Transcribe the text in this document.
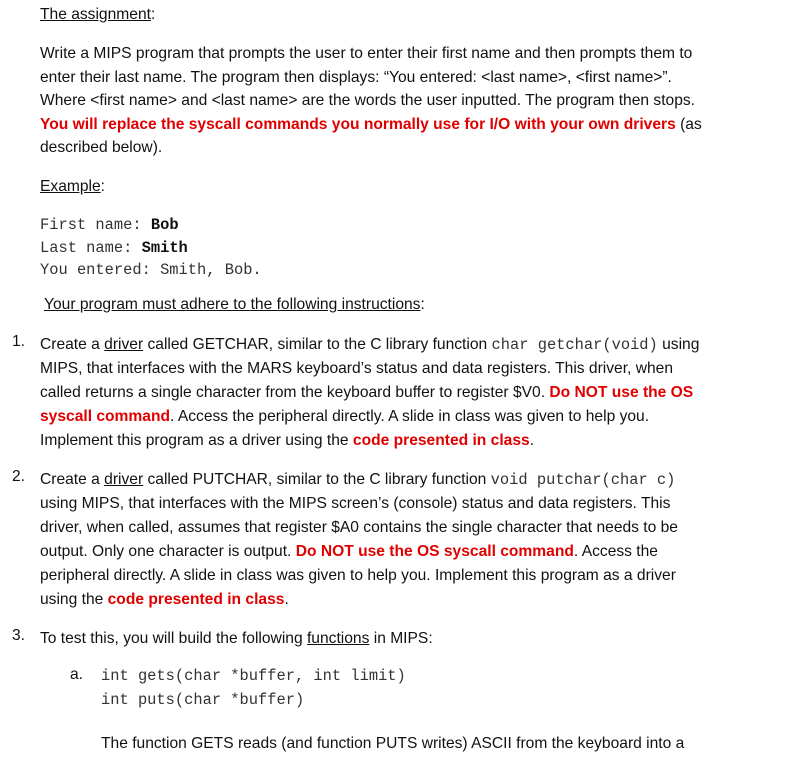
The assignment:
Write a MIPS program that prompts the user to enter their first name and then prompts them to
enter their last name. The program then displays: “You entered: <last name>, <first name>”.
Where <first name> and <last name> are the words the user inputted. The program then stops.
You will replace the syscall commands you normally use for I/O with your own drivers (as
described below).
Example:
First name: Bob
Last name: Smith
You entered: Smith, Bob.
Your program must adhere to the following instructions:
1. Create a driver called GETCHAR, similar to the C library function char getchar(void) using
MIPS, that interfaces with the MARS keyboard’s status and data registers. This driver, when
called returns a single character from the keyboard buffer to register $V0. Do NOT use the OS
syscall command. Access the peripheral directly. A slide in class was given to help you.
Implement this program as a driver using the code presented in class.
2. Create a driver called PUTCHAR, similar to the C library function void putchar(char c)
using MIPS, that interfaces with the MIPS screen’s (console) status and data registers. This
driver, when called, assumes that register $A0 contains the single character that needs to be
output. Only one character is output. Do NOT use the OS syscall command. Access the
peripheral directly. A slide in class was given to help you. Implement this program as a driver
using the code presented in class.
3. To test this, you will build the following functions in MIPS:
a. int gets(char *buffer, int limit)
int puts(char *buffer)
The function GETS reads (and function PUTS writes) ASCII from the keyboard into a
